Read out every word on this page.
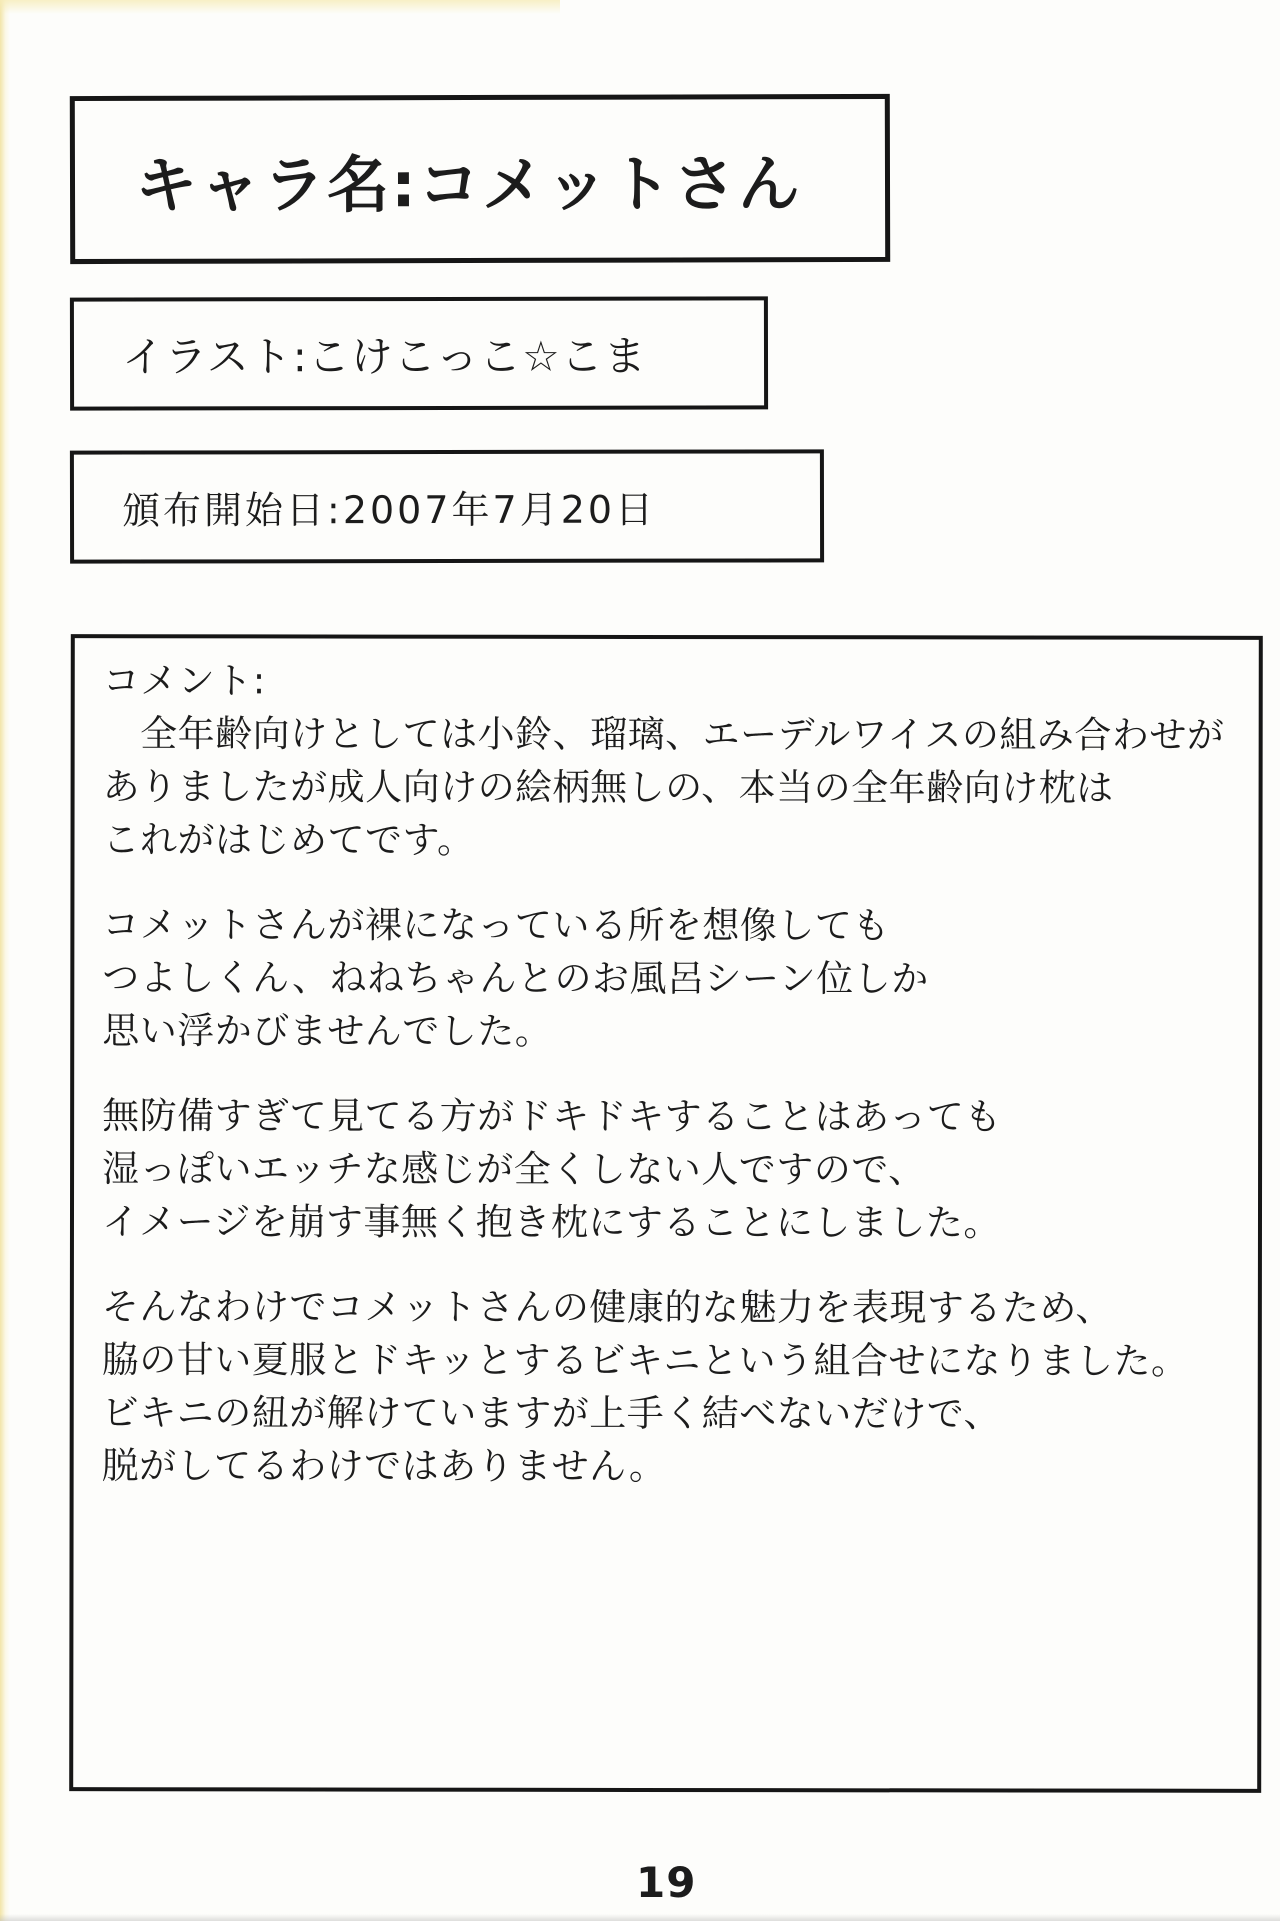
キャラ名:コメットさん
イラスト:こけこっこ☆こま
頒布開始日:2007年7月20日
コメント:
　全年齢向けとしては小鈴、瑠璃、エーデルワイスの組み合わせが
ありましたが成人向けの絵柄無しの、本当の全年齢向け枕は
これがはじめてです。
コメットさんが裸になっている所を想像しても
つよしくん、ねねちゃんとのお風呂シーン位しか
思い浮かびませんでした。
無防備すぎて見てる方がドキドキすることはあっても
湿っぽいエッチな感じが全くしない人ですので、
イメージを崩す事無く抱き枕にすることにしました。
そんなわけでコメットさんの健康的な魅力を表現するため、
脇の甘い夏服とドキッとするビキニという組合せになりました。
ビキニの紐が解けていますが上手く結べないだけで、
脱がしてるわけではありません。
19
